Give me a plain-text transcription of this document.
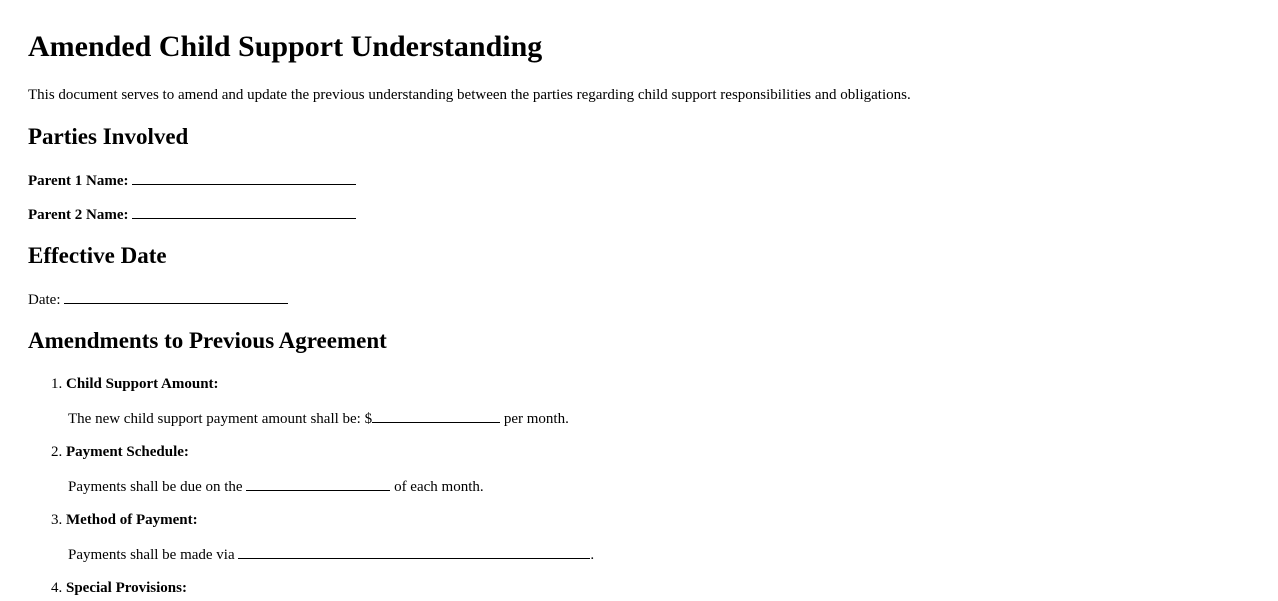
Amended Child Support Understanding
This document serves to amend and update the previous understanding between the parties regarding child support responsibilities and obligations.
Parties Involved
Parent 1 Name:
Parent 2 Name:
Effective Date
Date:
Amendments to Previous Agreement
1. Child Support Amount:
The new child support payment amount shall be: $	per month.
2. Payment Schedule:
Payments shall be due on the	of each month.
3. Method of Payment:
Payments shall be made via	.
4. Special Provisions:
